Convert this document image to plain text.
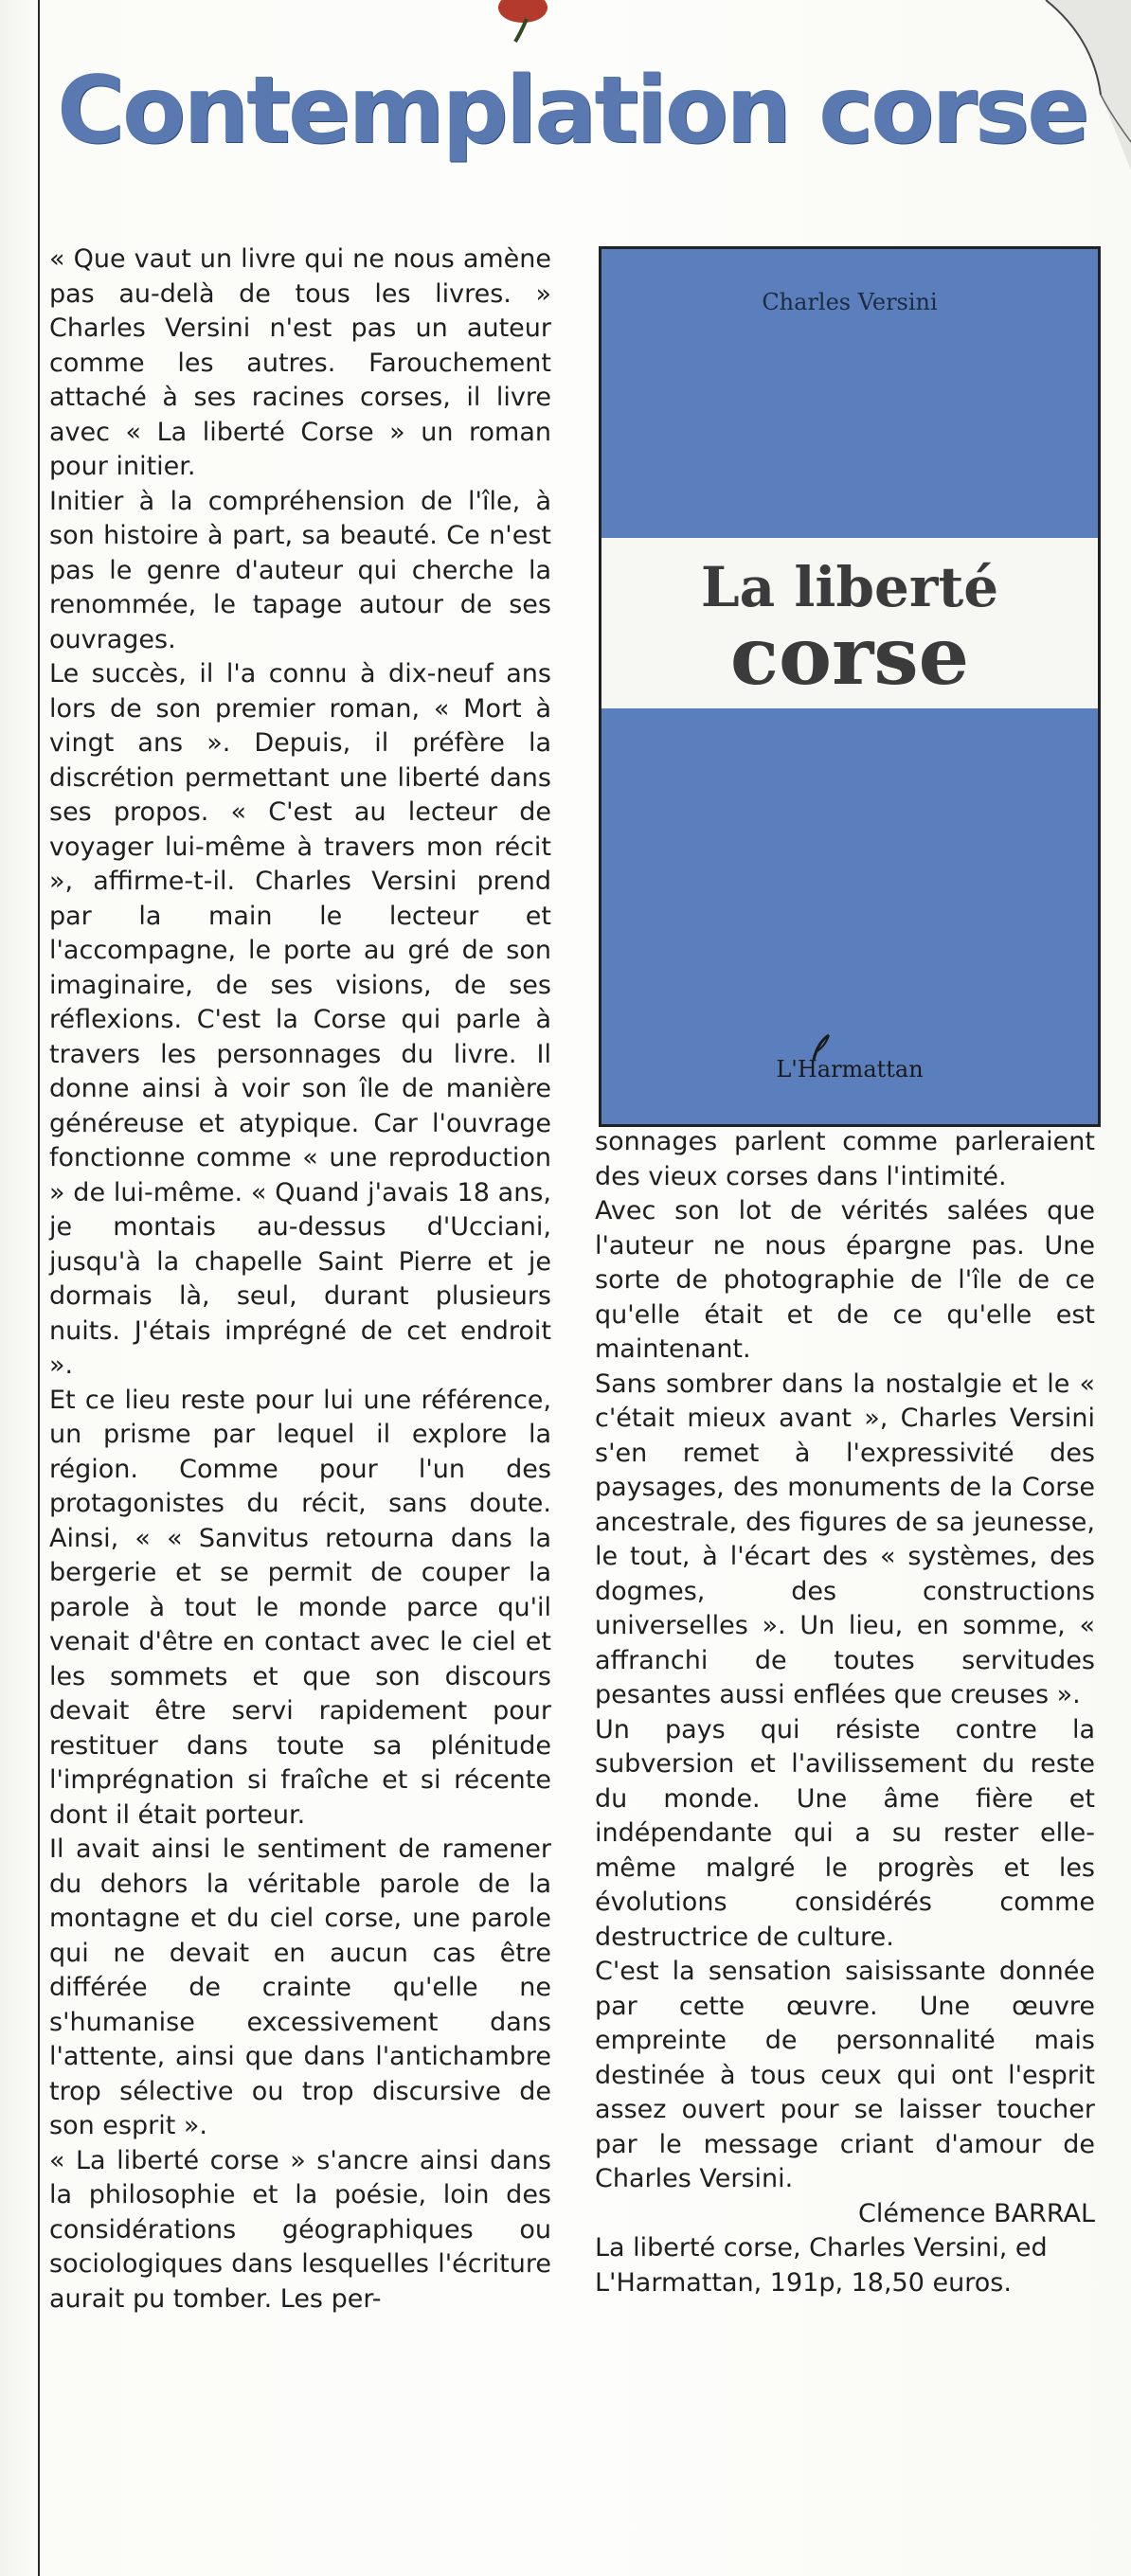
Contemplation corse

« Que vaut un livre qui ne nous amène pas au-delà de tous les livres. » Charles Versini n'est pas un auteur comme les autres. Farouchement attaché à ses racines corses, il livre avec « La liberté Corse » un roman pour initier.

Initier à la compréhension de l'île, à son histoire à part, sa beauté. Ce n'est pas le genre d'auteur qui cherche la renommée, le tapage autour de ses ouvrages.

Le succès, il l'a connu à dix-neuf ans lors de son premier roman, « Mort à vingt ans ». Depuis, il préfère la discrétion permettant une liberté dans ses propos. « C'est au lecteur de voyager lui-même à travers mon récit », affirme-t-il. Charles Versini prend par la main le lecteur et l'accompagne, le porte au gré de son imaginaire, de ses visions, de ses réflexions. C'est la Corse qui parle à travers les personnages du livre. Il donne ainsi à voir son île de manière généreuse et atypique. Car l'ouvrage fonctionne comme « une reproduction » de lui-même. « Quand j'avais 18 ans, je montais au-dessus d'Ucciani, jusqu'à la chapelle Saint Pierre et je dormais là, seul, durant plusieurs nuits. J'étais imprégné de cet endroit ».

Et ce lieu reste pour lui une référence, un prisme par lequel il explore la région. Comme pour l'un des protagonistes du récit, sans doute. Ainsi, « « Sanvitus retourna dans la bergerie et se permit de couper la parole à tout le monde parce qu'il venait d'être en contact avec le ciel et les sommets et que son discours devait être servi rapidement pour restituer dans toute sa plénitude l'imprégnation si fraîche et si récente dont il était porteur.

Il avait ainsi le sentiment de ramener du dehors la véritable parole de la montagne et du ciel corse, une parole qui ne devait en aucun cas être différée de crainte qu'elle ne s'humanise excessivement dans l'attente, ainsi que dans l'antichambre trop sélective ou trop discursive de son esprit ».

« La liberté corse » s'ancre ainsi dans la philosophie et la poésie, loin des considérations géographiques ou sociologiques dans lesquelles l'écriture aurait pu tomber. Les per-

Charles Versini
La liberté
corse
L'Harmattan

sonnages parlent comme parleraient des vieux corses dans l'intimité.

Avec son lot de vérités salées que l'auteur ne nous épargne pas. Une sorte de photographie de l'île de ce qu'elle était et de ce qu'elle est maintenant.

Sans sombrer dans la nostalgie et le « c'était mieux avant », Charles Versini s'en remet à l'expressivité des paysages, des monuments de la Corse ancestrale, des figures de sa jeunesse, le tout, à l'écart des « systèmes, des dogmes, des constructions universelles ». Un lieu, en somme, « affranchi de toutes servitudes pesantes aussi enflées que creuses ».

Un pays qui résiste contre la subversion et l'avilissement du reste du monde. Une âme fière et indépendante qui a su rester elle-même malgré le progrès et les évolutions considérés comme destructrice de culture.

C'est la sensation saisissante donnée par cette œuvre. Une œuvre empreinte de personnalité mais destinée à tous ceux qui ont l'esprit assez ouvert pour se laisser toucher par le message criant d'amour de Charles Versini.

Clémence BARRAL

La liberté corse, Charles Versini, ed L'Harmattan, 191p, 18,50 euros.
